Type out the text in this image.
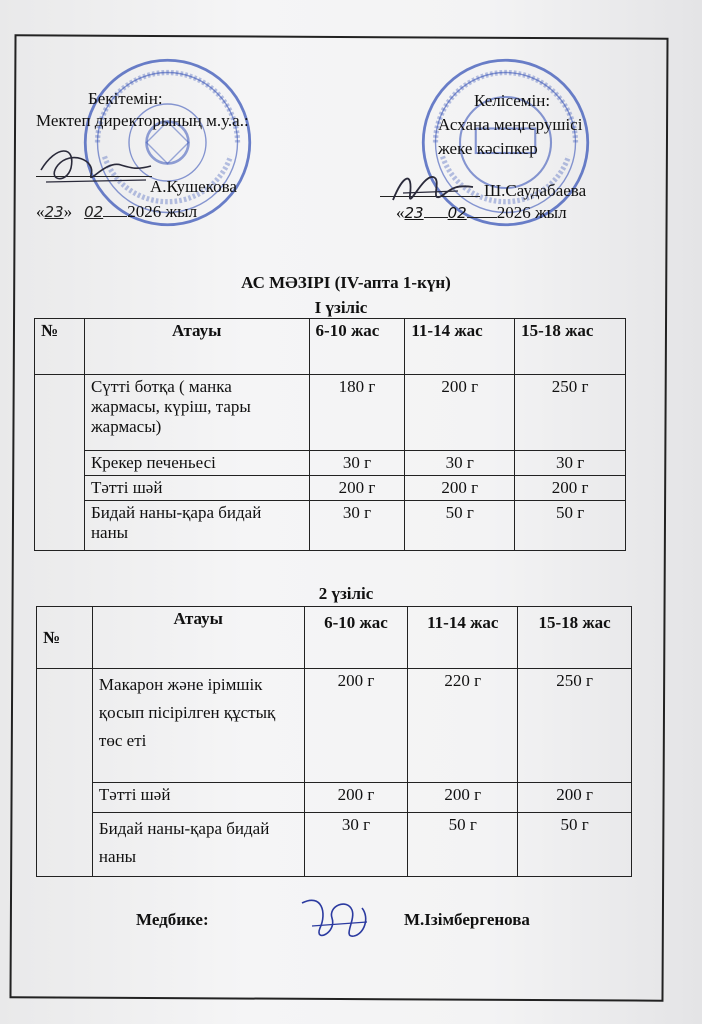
Бекітемін:
Мектеп директорының м.у.а.:
А.Кушекова
«23» 02 2026 жыл
Келісемін:
Асхана меңгерушісі
жеке кәсіпкер
Ш.Саудабаева
«23 02 2026 жыл
АС МӘЗІРІ (IV-апта 1-күн)
І үзіліс
№	Атауы	6-10 жас	11-14 жас	15-18 жас
	Сүтті ботқа ( манка жармасы, күріш, тары жармасы)	180 г	200 г	250 г
	Крекер печеньесі	30 г	30 г	30 г
	Тәтті шәй	200 г	200 г	200 г
	Бидай наны-қара бидай наны	30 г	50 г	50 г
2 үзіліс
№	Атауы	6-10 жас	11-14 жас	15-18 жас
	Макарон және ірімшік қосып пісірілген құстық төс еті	200 г	220 г	250 г
	Тәтті шәй	200 г	200 г	200 г
	Бидай наны-қара бидай наны	30 г	50 г	50 г
Медбике:	М.Ізімбергенова
